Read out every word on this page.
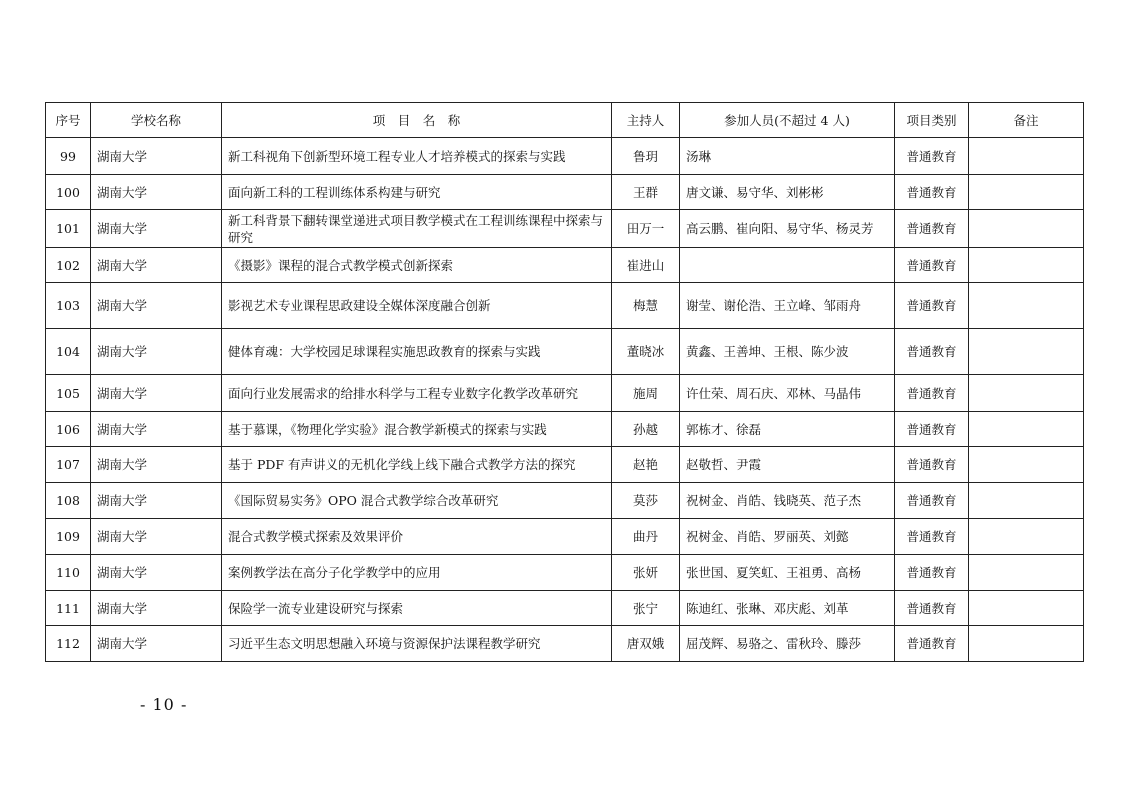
序号	学校名称	项　目　名　称	主持人	参加人员(不超过 4 人)	项目类别	备注
99	湖南大学	新工科视角下创新型环境工程专业人才培养模式的探索与实践	鲁玥	汤琳	普通教育	
100	湖南大学	面向新工科的工程训练体系构建与研究	王群	唐文谦、易守华、刘彬彬	普通教育	
101	湖南大学	新工科背景下翻转课堂递进式项目教学模式在工程训练课程中探索与研究	田万一	高云鹏、崔向阳、易守华、杨灵芳	普通教育	
102	湖南大学	《摄影》课程的混合式教学模式创新探索	崔进山		普通教育	
103	湖南大学	影视艺术专业课程思政建设全媒体深度融合创新	梅慧	谢莹、谢伦浩、王立峰、邹雨舟	普通教育	
104	湖南大学	健体育魂：大学校园足球课程实施思政教育的探索与实践	董晓冰	黄鑫、王善坤、王根、陈少波	普通教育	
105	湖南大学	面向行业发展需求的给排水科学与工程专业数字化教学改革研究	施周	许仕荣、周石庆、邓林、马晶伟	普通教育	
106	湖南大学	基于慕课，《物理化学实验》混合教学新模式的探索与实践	孙越	郭栋才、徐磊	普通教育	
107	湖南大学	基于 PDF 有声讲义的无机化学线上线下融合式教学方法的探究	赵艳	赵敬哲、尹霞	普通教育	
108	湖南大学	《国际贸易实务》OPO 混合式教学综合改革研究	莫莎	祝树金、肖皓、钱晓英、范子杰	普通教育	
109	湖南大学	混合式教学模式探索及效果评价	曲丹	祝树金、肖皓、罗丽英、刘懿	普通教育	
110	湖南大学	案例教学法在高分子化学教学中的应用	张妍	张世国、夏笑虹、王祖勇、高杨	普通教育	
111	湖南大学	保险学一流专业建设研究与探索	张宁	陈迪红、张琳、邓庆彪、刘革	普通教育	
112	湖南大学	习近平生态文明思想融入环境与资源保护法课程教学研究	唐双娥	屈茂辉、易骆之、雷秋玲、滕莎	普通教育	
- 10 -
